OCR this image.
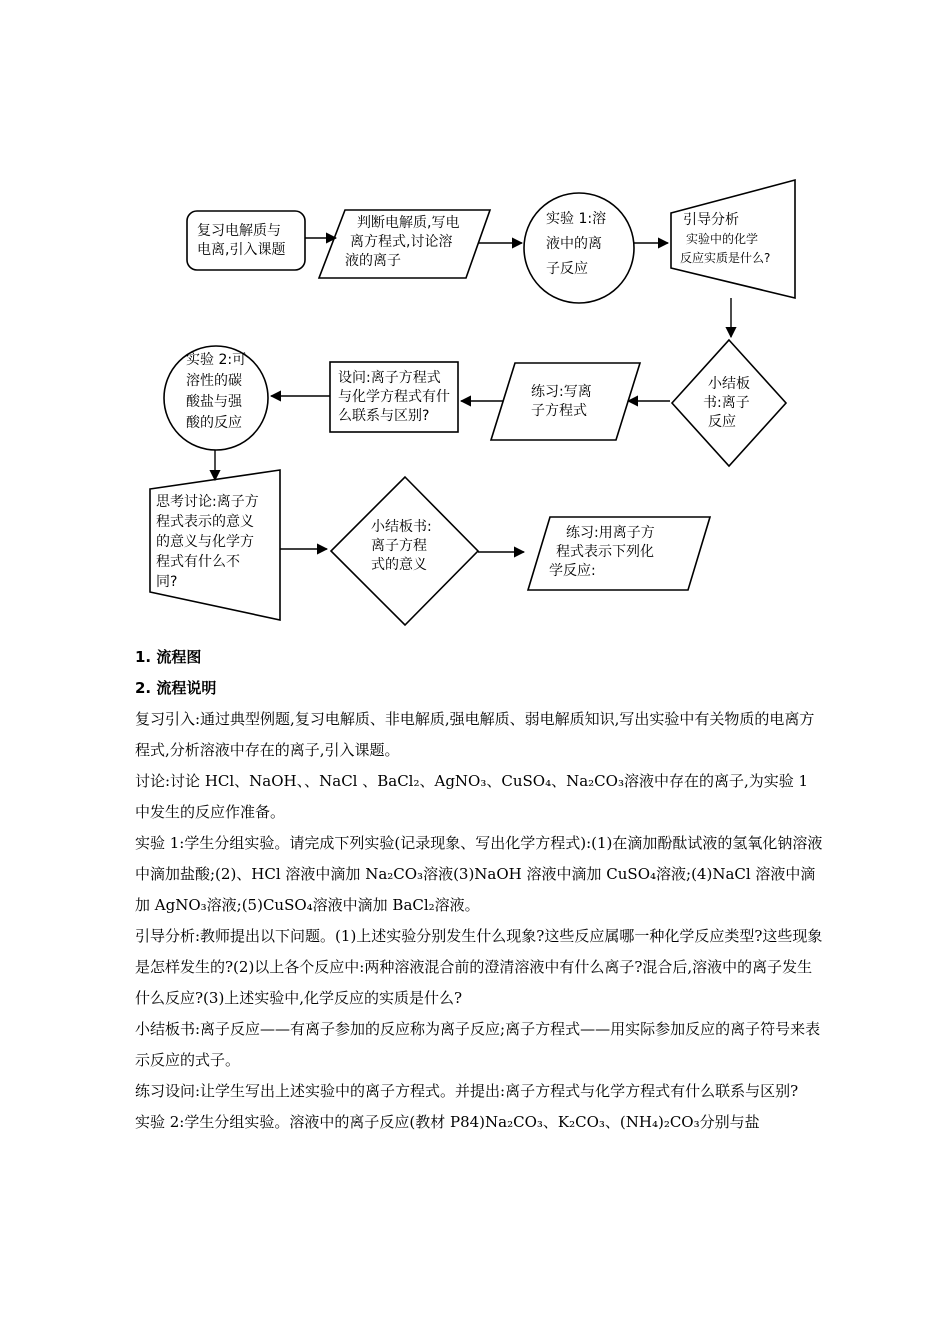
复习电解质与电离,引入课题
判断电解质,写电离方程式,讨论溶液的离子
实验 1:溶液中的离子反应
引导分析实验中的化学反应实质是什么?
实验 2:可溶性的碳酸盐与强酸的反应
设问:离子方程式与化学方程式有什么联系与区别?
练习:写离子方程式
小结板书:离子反应
思考讨论:离子方程式表示的意义的意义与化学方程式有什么不同?
小结板书:离子方程式的意义
练习:用离子方程式表示下列化学反应:

1. 流程图

2. 流程说明

复习引入:通过典型例题,复习电解质、非电解质,强电解质、弱电解质知识,写出实验中有关物质的电离方程式,分析溶液中存在的离子,引入课题。

讨论:讨论 HCl、NaOH、、NaCl 、BaCl₂、AgNO₃、CuSO₄、Na₂CO₃溶液中存在的离子,为实验 1 中发生的反应作准备。

实验 1:学生分组实验。请完成下列实验(记录现象、写出化学方程式):(1)在滴加酚酞试液的氢氧化钠溶液中滴加盐酸;(2)、HCl 溶液中滴加 Na₂CO₃溶液(3)NaOH 溶液中滴加 CuSO₄溶液;(4)NaCl 溶液中滴加 AgNO₃溶液;(5)CuSO₄溶液中滴加 BaCl₂溶液。

引导分析:教师提出以下问题。(1)上述实验分别发生什么现象?这些反应属哪一种化学反应类型?这些现象是怎样发生的?(2)以上各个反应中:两种溶液混合前的澄清溶液中有什么离子?混合后,溶液中的离子发生什么反应?(3)上述实验中,化学反应的实质是什么?

小结板书:离子反应——有离子参加的反应称为离子反应;离子方程式——用实际参加反应的离子符号来表示反应的式子。

练习设问:让学生写出上述实验中的离子方程式。并提出:离子方程式与化学方程式有什么联系与区别?

实验 2:学生分组实验。溶液中的离子反应(教材 P84)Na₂CO₃、K₂CO₃、(NH₄)₂CO₃分别与盐
